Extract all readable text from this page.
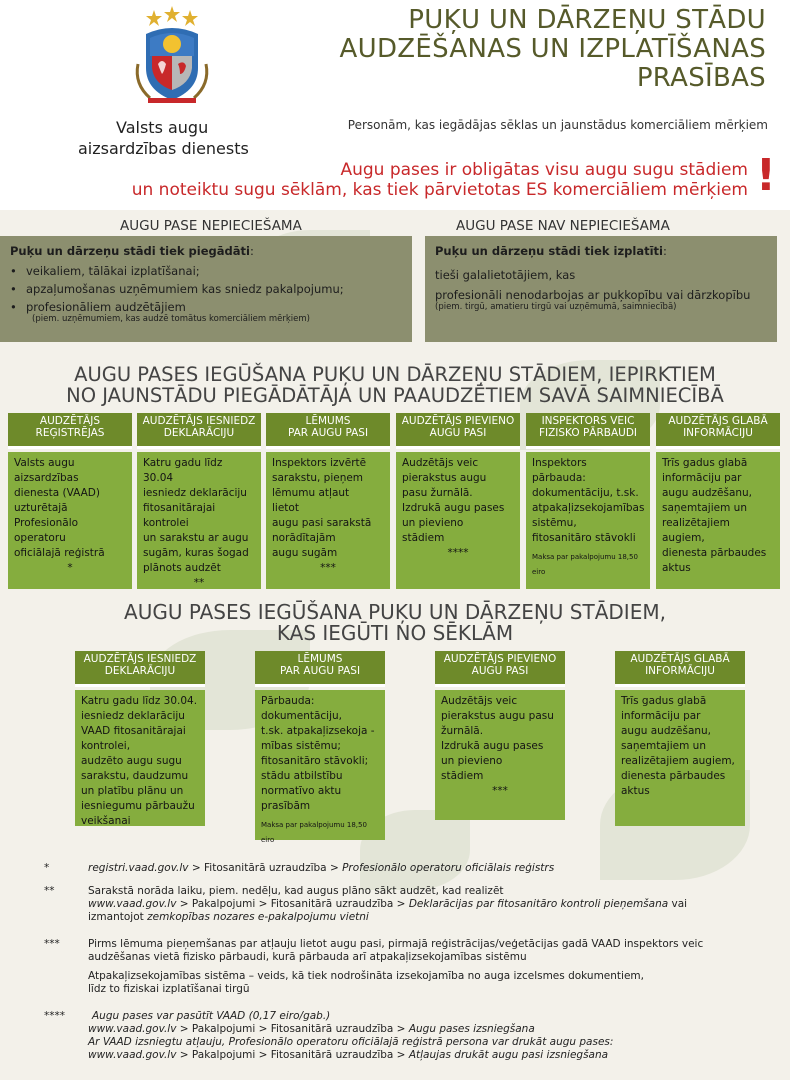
Valsts augu
aizsardzības dienests
PUĶU UN DĀRZEŅU STĀDU
AUDZĒŠANAS UN IZPLATĪŠANAS
PRASĪBAS
Personām, kas iegādājas sēklas un jaunstādus komerciāliem mērķiem
Augu pases ir obligātas visu augu sugu stādiem
un noteiktu sugu sēklām, kas tiek pārvietotas ES komerciāliem mērķiem !
AUGU PASE NEPIECIEŠAMA	AUGU PASE NAV NEPIECIEŠAMA
Puķu un dārzeņu stādi tiek piegādāti:
• veikaliem, tālākai izplatīšanai;
• apzaļumošanas uzņēmumiem kas sniedz pakalpojumu;
• profesionāliem audzētājiem
(piem. uzņēmumiem, kas audzē tomātus komerciāliem mērķiem)
Puķu un dārzeņu stādi tiek izplatīti:
tieši galalietotājiem, kas
profesionāli nenodarbojas ar puķkopību vai dārzkopību
(piem. tirgū, amatieru tirgū vai uzņēmumā, saimniecībā)
AUGU PASES IEGŪŠANA PUĶU UN DĀRZEŅU STĀDIEM, IEPIRKTIEM
NO JAUNSTĀDU PIEGĀDĀTĀJA UN PAAUDZĒTIEM SAVĀ SAIMNIECĪBĀ
AUDZĒTĀJS
REĢISTRĒJAS
Valsts augu
aizsardzības
dienesta (VAAD)
uzturētajā
Profesionālo
operatoru
oficiālajā reģistrā
*
AUDZĒTĀJS IESNIEDZ
DEKLARĀCIJU
Katru gadu līdz 30.04
iesniedz deklarāciju
fitosanitārajai
kontrolei
un sarakstu ar augu
sugām, kuras šogad
plānots audzēt
**
LĒMUMS
PAR AUGU PASI
Inspektors izvērtē
sarakstu, pieņem
lēmumu atļaut
lietot
augu pasi sarakstā
norādītajām
augu sugām
***
AUDZĒTĀJS PIEVIENO
AUGU PASI
Audzētājs veic
pierakstus augu
pasu žurnālā.
Izdrukā augu pases
un pievieno
stādiem
****
INSPEKTORS VEIC
FIZISKO PĀRBAUDI
Inspektors
pārbauda:
dokumentāciju, t.sk.
atpakaļizsekojamības
sistēmu,
fitosanitāro stāvokli
Maksa par pakalpojumu 18,50 eiro
AUDZĒTĀJS GLABĀ
INFORMĀCIJU
Trīs gadus glabā
informāciju par
augu audzēšanu,
saņemtajiem un
realizētajiem augiem,
dienesta pārbaudes
aktus
AUGU PASES IEGŪŠANA PUĶU UN DĀRZEŅU STĀDIEM,
KAS IEGŪTI NO SĒKLĀM
AUDZĒTĀJS IESNIEDZ
DEKLARĀCIJU
Katru gadu līdz 30.04.
iesniedz deklarāciju
VAAD fitosanitārajai
kontrolei,
audzēto augu sugu
sarakstu, daudzumu
un platību plānu un
iesniegumu pārbaužu
veikšanai
LĒMUMS
PAR AUGU PASI
Pārbauda:
dokumentāciju,
t.sk. atpakaļizsekoja -
mības sistēmu;
fitosanitāro stāvokli;
stādu atbilstību
normatīvo aktu
prasībām
Maksa par pakalpojumu 18,50 eiro
AUDZĒTĀJS PIEVIENO
AUGU PASI
Audzētājs veic
pierakstus augu pasu
žurnālā.
Izdrukā augu pases
un pievieno
stādiem
***
AUDZĒTĀJS GLABĀ
INFORMĀCIJU
Trīs gadus glabā
informāciju par
augu audzēšanu,
saņemtajiem un
realizētajiem augiem,
dienesta pārbaudes
aktus
*	registri.vaad.gov.lv > Fitosanitārā uzraudzība > Profesionālo operatoru oficiālais reģistrs
**	Sarakstā norāda laiku, piem. nedēļu, kad augus plāno sākt audzēt, kad realizēt
www.vaad.gov.lv > Pakalpojumi > Fitosanitārā uzraudzība > Deklarācijas par fitosanitāro kontroli pieņemšana vai
izmantojot zemkopības nozares e-pakalpojumu vietni
***	Pirms lēmuma pieņemšanas par atļauju lietot augu pasi, pirmajā reģistrācijas/veģetācijas gadā VAAD inspektors veic
audzēšanas vietā fizisko pārbaudi, kurā pārbauda arī atpakaļizsekojamības sistēmu
Atpakaļizsekojamības sistēma – veids, kā tiek nodrošināta izsekojamība no auga izcelsmes dokumentiem,
līdz to fiziskai izplatīšanai tirgū
****	Augu pases var pasūtīt VAAD (0,17 eiro/gab.)
www.vaad.gov.lv > Pakalpojumi > Fitosanitārā uzraudzība > Augu pases izsniegšana
Ar VAAD izsniegtu atļauju, Profesionālo operatoru oficiālajā reģistrā persona var drukāt augu pases:
www.vaad.gov.lv > Pakalpojumi > Fitosanitārā uzraudzība > Atļaujas drukāt augu pasi izsniegšana
